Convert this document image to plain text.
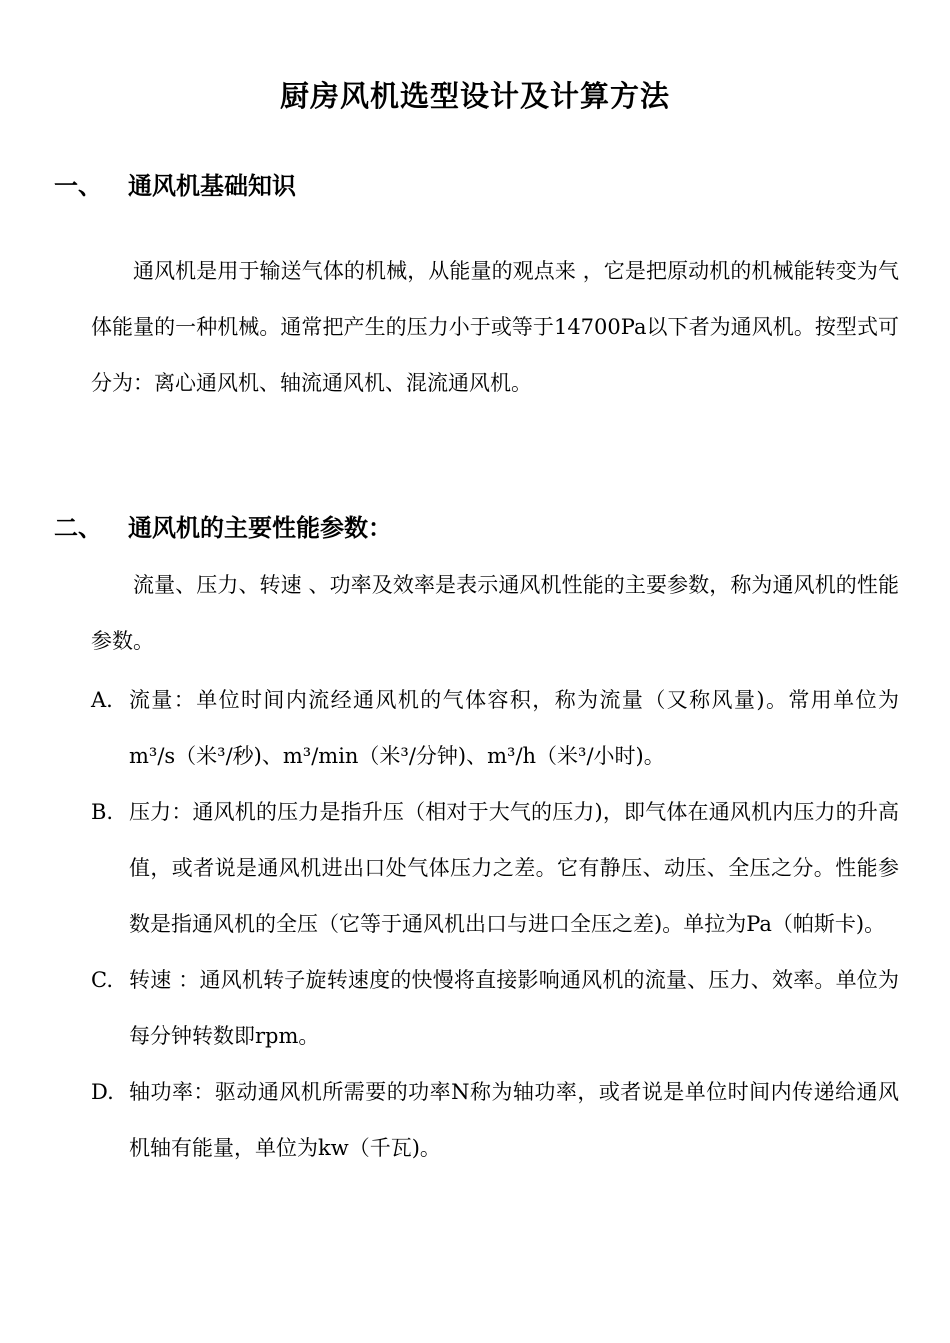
厨房风机选型设计及计算方法
一、 通风机基础知识
通风机是用于输送气体的机械，从能量的观点来 ，它是把原动机的机械能转变为气体能量的一种机械。通常把产生的压力小于或等于14700Pa以下者为通风机。按型式可分为：离心通风机、轴流通风机、混流通风机。
二、 通风机的主要性能参数：
流量、压力、转速 、功率及效率是表示通风机性能的主要参数，称为通风机的性能参数。
A. 流量：单位时间内流经通风机的气体容积，称为流量（又称风量)。常用单位为 m³/s（米³/秒)、m³/min（米³/分钟)、m³/h（米³/小时)。
B. 压力：通风机的压力是指升压（相对于大气的压力)，即气体在通风机内压力的升高值，或者说是通风机进出口处气体压力之差。它有静压、动压、全压之分。性能参数是指通风机的全压（它等于通风机出口与进口全压之差)。单拉为Pa（帕斯卡)。
C. 转速 ：通风机转子旋转速度的快慢将直接影响通风机的流量、压力、效率。单位为每分钟转数即rpm。
D. 轴功率：驱动通风机所需要的功率N称为轴功率，或者说是单位时间内传递给通风机轴有能量，单位为kw（千瓦)。
